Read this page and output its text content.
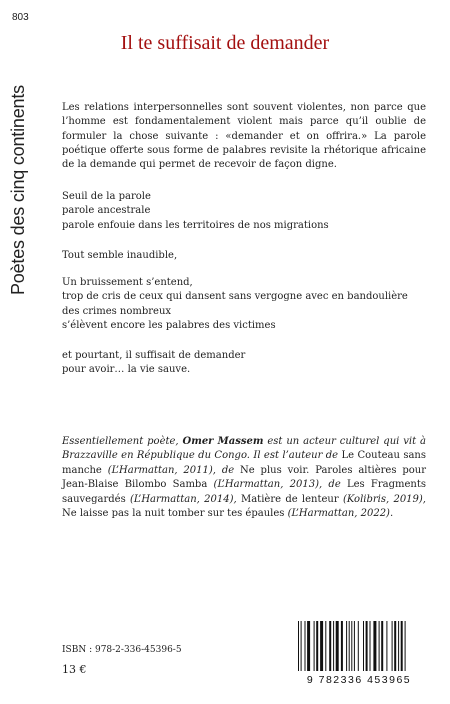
803
Poètes des cinq continents
Il te suffisait de demander

Les relations interpersonnelles sont souvent violentes, non parce que l’homme est fondamentalement violent mais parce qu’il oublie de formuler la chose suivante : «demander et on offrira.» La parole poétique offerte sous forme de palabres revisite la rhétorique africaine de la demande qui permet de recevoir de façon digne.

Seuil de la parole

parole ancestrale

parole enfouie dans les territoires de nos migrations

Tout semble inaudible,

Un bruissement s’entend,

trop de cris de ceux qui dansent sans vergogne avec en bandoulière des crimes nombreux

s’élèvent encore les palabres des victimes

et pourtant, il suffisait de demander

pour avoir… la vie sauve.

Essentiellement poète, Omer Massem est un acteur culturel qui vit à Brazzaville en République du Congo. Il est l’auteur de Le Couteau sans manche (L’Harmattan, 2011), de Ne plus voir. Paroles altières pour Jean-Blaise Bilombo Samba (L’Harmattan, 2013), de Les Fragments sauvegardés (L’Harmattan, 2014), Matière de lenteur (Kolibris, 2019), Ne laisse pas la nuit tomber sur tes épaules (L’Harmattan, 2022).

ISBN : 978-2-336-45396-5
13 €
9 782336 453965
